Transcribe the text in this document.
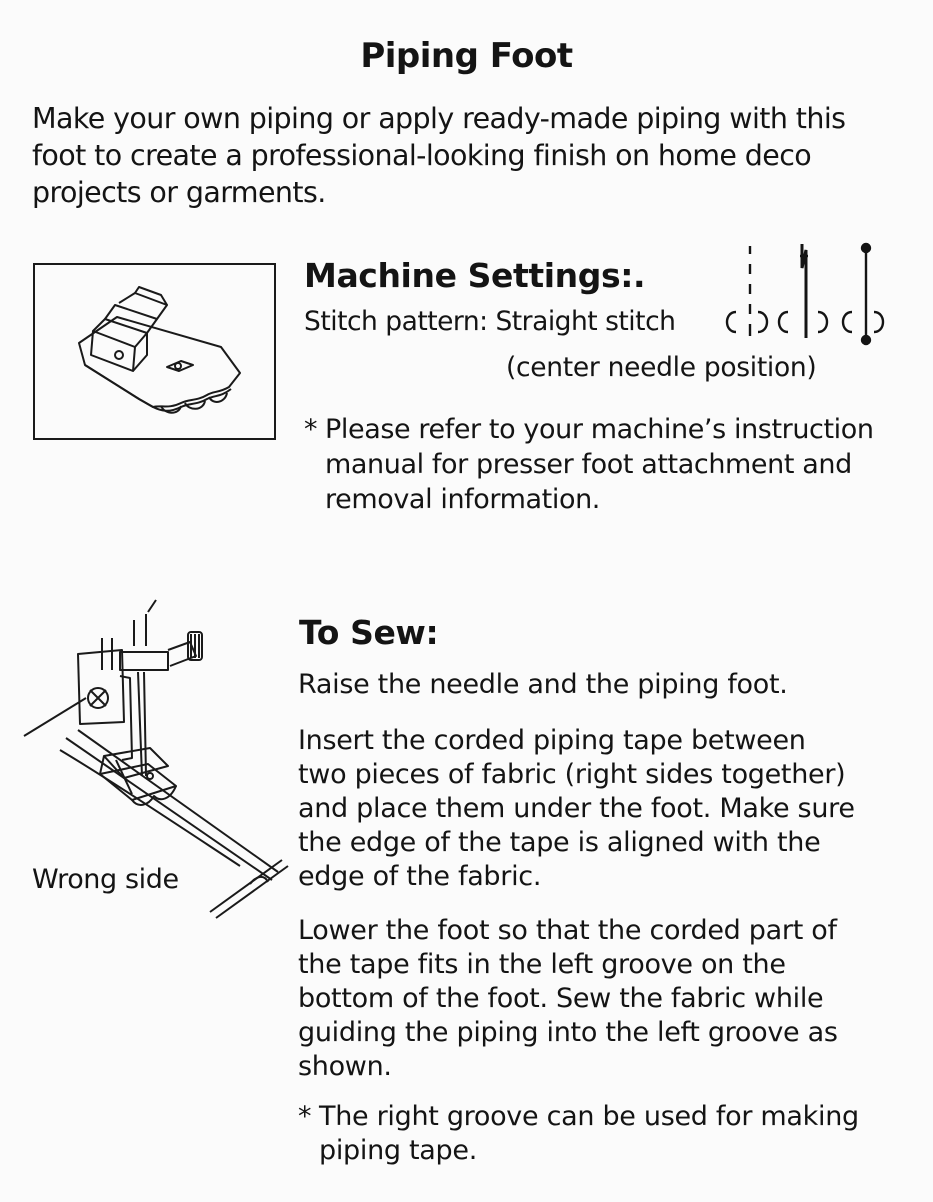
Piping Foot
Make your own piping or apply ready-made piping with this
foot to create a professional-looking finish on home deco
projects or garments.
Machine Settings:.
Stitch pattern: Straight stitch
(center needle position)
* Please refer to your machine’s instruction
manual for presser foot attachment and
removal information.
Wrong side
To Sew:
Raise the needle and the piping foot.
Insert the corded piping tape between
two pieces of fabric (right sides together)
and place them under the foot. Make sure
the edge of the tape is aligned with the
edge of the fabric.
Lower the foot so that the corded part of
the tape fits in the left groove on the
bottom of the foot. Sew the fabric while
guiding the piping into the left groove as
shown.
* The right groove can be used for making
piping tape.
